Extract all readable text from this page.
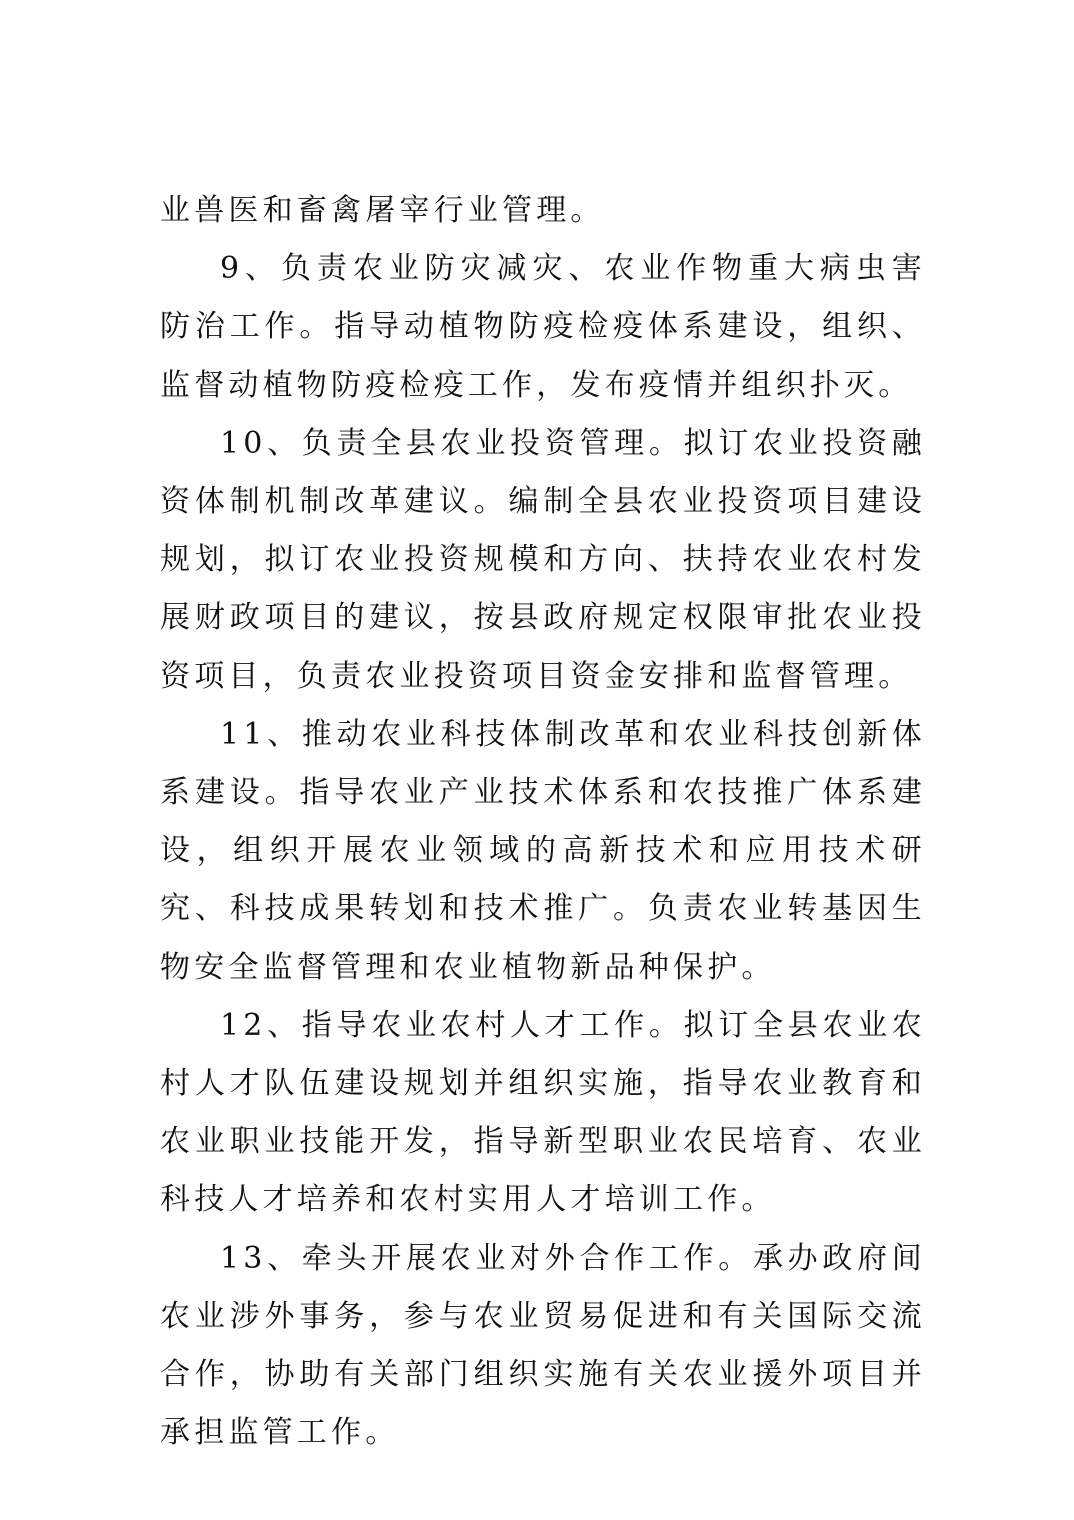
业兽医和畜禽屠宰行业管理。

9、负责农业防灾减灾、农业作物重大病虫害防治工作。指导动植物防疫检疫体系建设，组织、监督动植物防疫检疫工作，发布疫情并组织扑灭。

10、负责全县农业投资管理。拟订农业投资融资体制机制改革建议。编制全县农业投资项目建设规划，拟订农业投资规模和方向、扶持农业农村发展财政项目的建议，按县政府规定权限审批农业投资项目，负责农业投资项目资金安排和监督管理。

11、推动农业科技体制改革和农业科技创新体系建设。指导农业产业技术体系和农技推广体系建设，组织开展农业领域的高新技术和应用技术研究、科技成果转划和技术推广。负责农业转基因生物安全监督管理和农业植物新品种保护。

12、指导农业农村人才工作。拟订全县农业农村人才队伍建设规划并组织实施，指导农业教育和农业职业技能开发，指导新型职业农民培育、农业科技人才培养和农村实用人才培训工作。

13、牵头开展农业对外合作工作。承办政府间农业涉外事务，参与农业贸易促进和有关国际交流合作，协助有关部门组织实施有关农业援外项目并承担监管工作。
